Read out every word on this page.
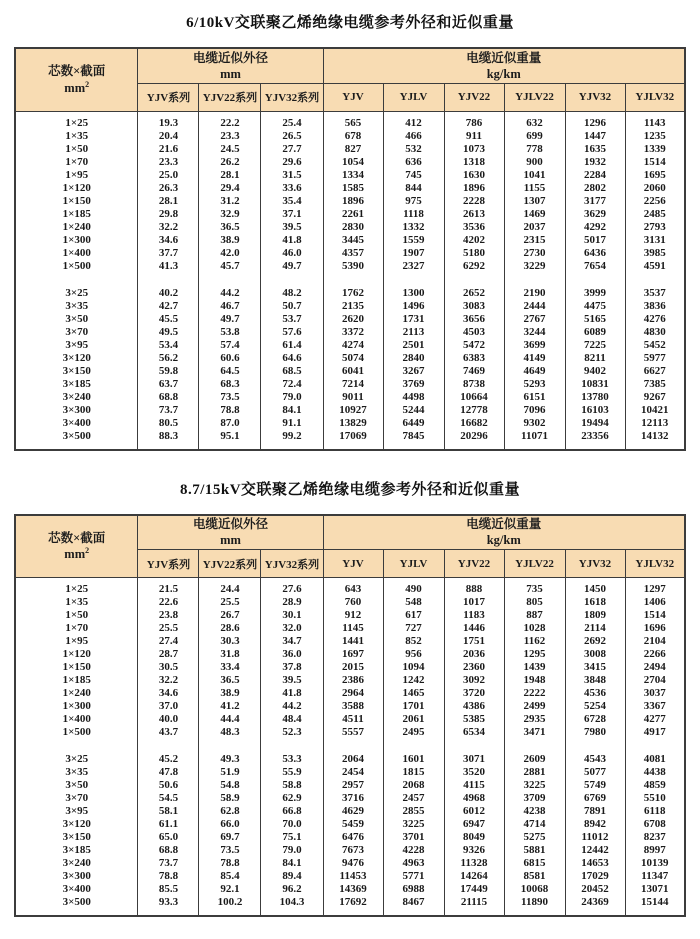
6/10kV交联聚乙烯绝缘电缆参考外径和近似重量
芯数×截面
$mm^2$	电缆近似外径
mm			电缆近似重量
kg/km					
	YJV系列	YJV22系列	YJV32系列	YJV	YJLV	YJV22	YJLV22	YJV32	YJLV32
1×25	19.3	22.2	25.4	565	412	786	632	1296	1143
1×35	20.4	23.3	26.5	678	466	911	699	1447	1235
1×50	21.6	24.5	27.7	827	532	1073	778	1635	1339
1×70	23.3	26.2	29.6	1054	636	1318	900	1932	1514
1×95	25.0	28.1	31.5	1334	745	1630	1041	2284	1695
1×120	26.3	29.4	33.6	1585	844	1896	1155	2802	2060
1×150	28.1	31.2	35.4	1896	975	2228	1307	3177	2256
1×185	29.8	32.9	37.1	2261	1118	2613	1469	3629	2485
1×240	32.2	36.5	39.5	2830	1332	3536	2037	4292	2793
1×300	34.6	38.9	41.8	3445	1559	4202	2315	5017	3131
1×400	37.7	42.0	46.0	4357	1907	5180	2730	6436	3985
1×500	41.3	45.7	49.7	5390	2327	6292	3229	7654	4591

3×25	40.2	44.2	48.2	1762	1300	2652	2190	3999	3537
3×35	42.7	46.7	50.7	2135	1496	3083	2444	4475	3836
3×50	45.5	49.7	53.7	2620	1731	3656	2767	5165	4276
3×70	49.5	53.8	57.6	3372	2113	4503	3244	6089	4830
3×95	53.4	57.4	61.4	4274	2501	5472	3699	7225	5452
3×120	56.2	60.6	64.6	5074	2840	6383	4149	8211	5977
3×150	59.8	64.5	68.5	6041	3267	7469	4649	9402	6627
3×185	63.7	68.3	72.4	7214	3769	8738	5293	10831	7385
3×240	68.8	73.5	79.0	9011	4498	10664	6151	13780	9267
3×300	73.7	78.8	84.1	10927	5244	12778	7096	16103	10421
3×400	80.5	87.0	91.1	13829	6449	16682	9302	19494	12113
3×500	88.3	95.1	99.2	17069	7845	20296	11071	23356	14132
8.7/15kV交联聚乙烯绝缘电缆参考外径和近似重量
芯数×截面
$mm^2$	电缆近似外径
mm			电缆近似重量
kg/km					
	YJV系列	YJV22系列	YJV32系列	YJV	YJLV	YJV22	YJLV22	YJV32	YJLV32
1×25	21.5	24.4	27.6	643	490	888	735	1450	1297
1×35	22.6	25.5	28.9	760	548	1017	805	1618	1406
1×50	23.8	26.7	30.1	912	617	1183	887	1809	1514
1×70	25.5	28.6	32.0	1145	727	1446	1028	2114	1696
1×95	27.4	30.3	34.7	1441	852	1751	1162	2692	2104
1×120	28.7	31.8	36.0	1697	956	2036	1295	3008	2266
1×150	30.5	33.4	37.8	2015	1094	2360	1439	3415	2494
1×185	32.2	36.5	39.5	2386	1242	3092	1948	3848	2704
1×240	34.6	38.9	41.8	2964	1465	3720	2222	4536	3037
1×300	37.0	41.2	44.2	3588	1701	4386	2499	5254	3367
1×400	40.0	44.4	48.4	4511	2061	5385	2935	6728	4277
1×500	43.7	48.3	52.3	5557	2495	6534	3471	7980	4917

3×25	45.2	49.3	53.3	2064	1601	3071	2609	4543	4081
3×35	47.8	51.9	55.9	2454	1815	3520	2881	5077	4438
3×50	50.6	54.8	58.8	2957	2068	4115	3225	5749	4859
3×70	54.5	58.9	62.9	3716	2457	4968	3709	6769	5510
3×95	58.1	62.8	66.8	4629	2855	6012	4238	7891	6118
3×120	61.1	66.0	70.0	5459	3225	6947	4714	8942	6708
3×150	65.0	69.7	75.1	6476	3701	8049	5275	11012	8237
3×185	68.8	73.5	79.0	7673	4228	9326	5881	12442	8997
3×240	73.7	78.8	84.1	9476	4963	11328	6815	14653	10139
3×300	78.8	85.4	89.4	11453	5771	14264	8581	17029	11347
3×400	85.5	92.1	96.2	14369	6988	17449	10068	20452	13071
3×500	93.3	100.2	104.3	17692	8467	21115	11890	24369	15144
